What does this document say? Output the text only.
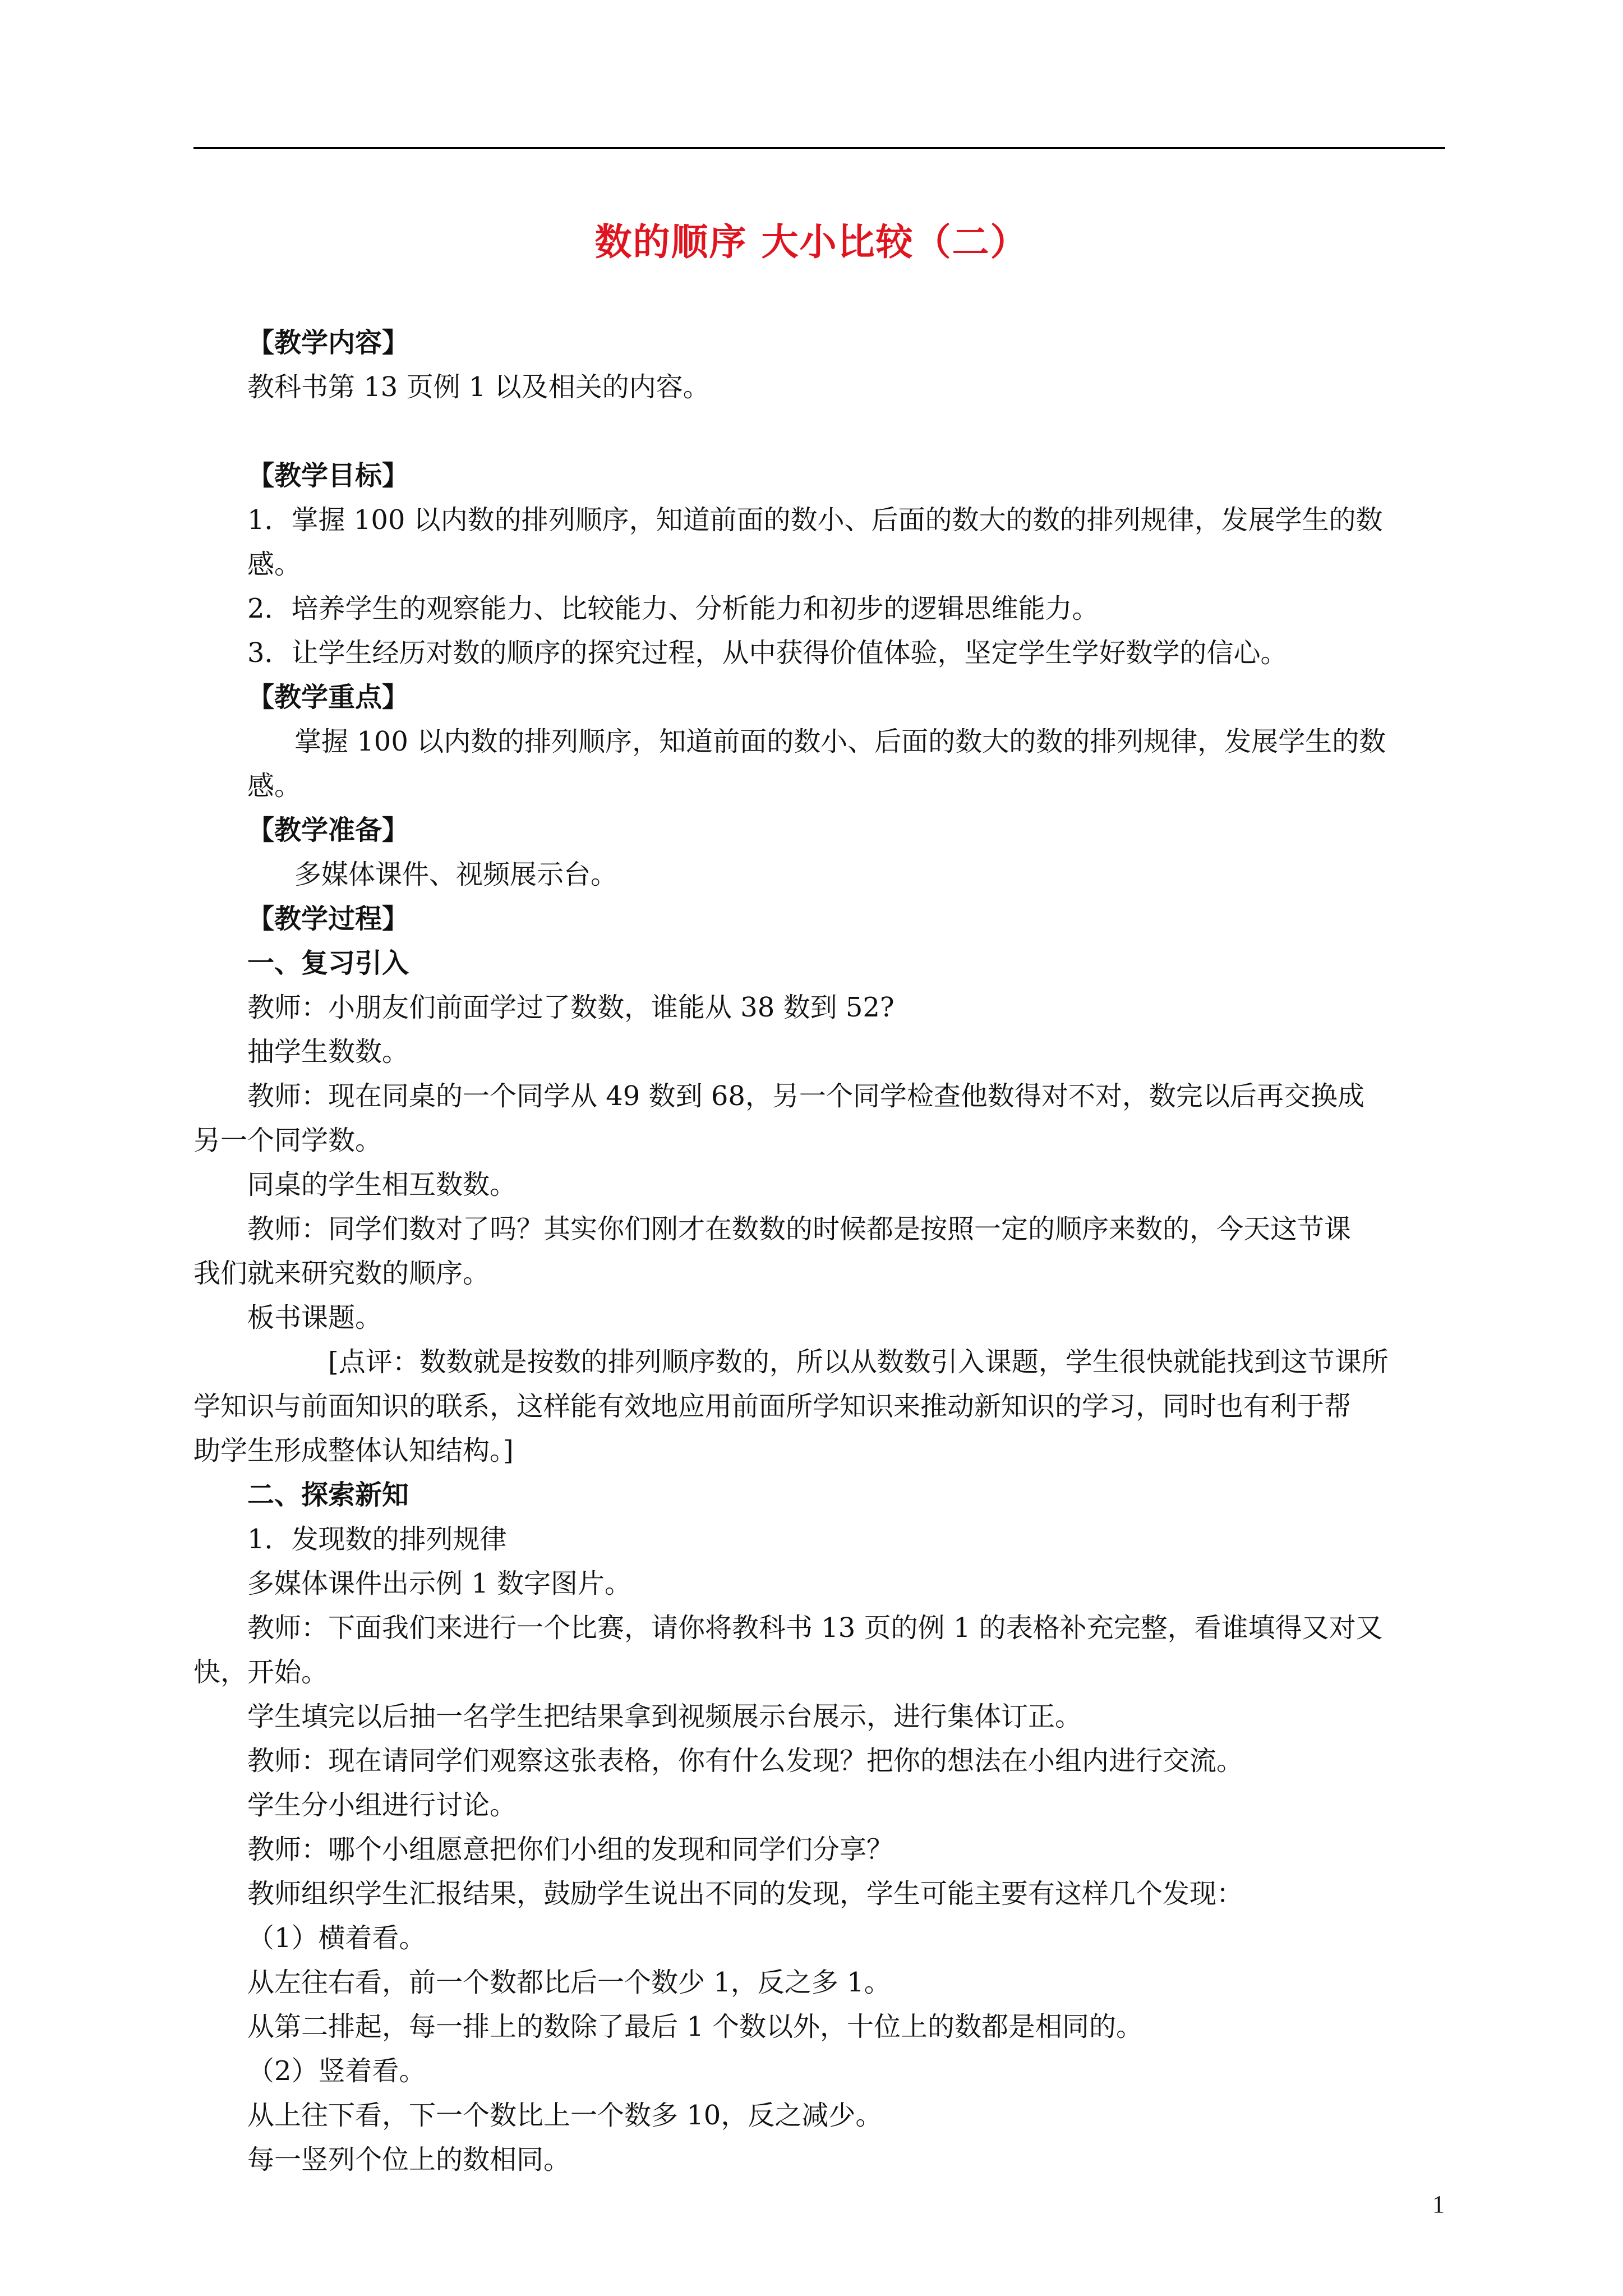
数的顺序 大小比较（二）
【教学内容】
教科书第 13 页例 1 以及相关的内容。
【教学目标】
1．掌握 100 以内数的排列顺序，知道前面的数小、后面的数大的数的排列规律，发展学生的数
感。
2．培养学生的观察能力、比较能力、分析能力和初步的逻辑思维能力。
3．让学生经历对数的顺序的探究过程，从中获得价值体验，坚定学生学好数学的信心。
【教学重点】
掌握 100 以内数的排列顺序，知道前面的数小、后面的数大的数的排列规律，发展学生的数
感。
【教学准备】
多媒体课件、视频展示台。
【教学过程】
一、复习引入
教师：小朋友们前面学过了数数，谁能从 38 数到 52?
抽学生数数。
教师：现在同桌的一个同学从 49 数到 68，另一个同学检查他数得对不对，数完以后再交换成
另一个同学数。
同桌的学生相互数数。
教师：同学们数对了吗？其实你们刚才在数数的时候都是按照一定的顺序来数的，今天这节课
我们就来研究数的顺序。
板书课题。
[点评：数数就是按数的排列顺序数的，所以从数数引入课题，学生很快就能找到这节课所
学知识与前面知识的联系，这样能有效地应用前面所学知识来推动新知识的学习，同时也有利于帮
助学生形成整体认知结构。]
二、探索新知
1．发现数的排列规律
多媒体课件出示例 1 数字图片。
教师：下面我们来进行一个比赛，请你将教科书 13 页的例 1 的表格补充完整，看谁填得又对又
快，开始。
学生填完以后抽一名学生把结果拿到视频展示台展示，进行集体订正。
教师：现在请同学们观察这张表格，你有什么发现？把你的想法在小组内进行交流。
学生分小组进行讨论。
教师：哪个小组愿意把你们小组的发现和同学们分享？
教师组织学生汇报结果，鼓励学生说出不同的发现，学生可能主要有这样几个发现：
（1）横着看。
从左往右看，前一个数都比后一个数少 1，反之多 1。
从第二排起，每一排上的数除了最后 1 个数以外，十位上的数都是相同的。
（2）竖着看。
从上往下看，下一个数比上一个数多 10，反之减少。
每一竖列个位上的数相同。
1
